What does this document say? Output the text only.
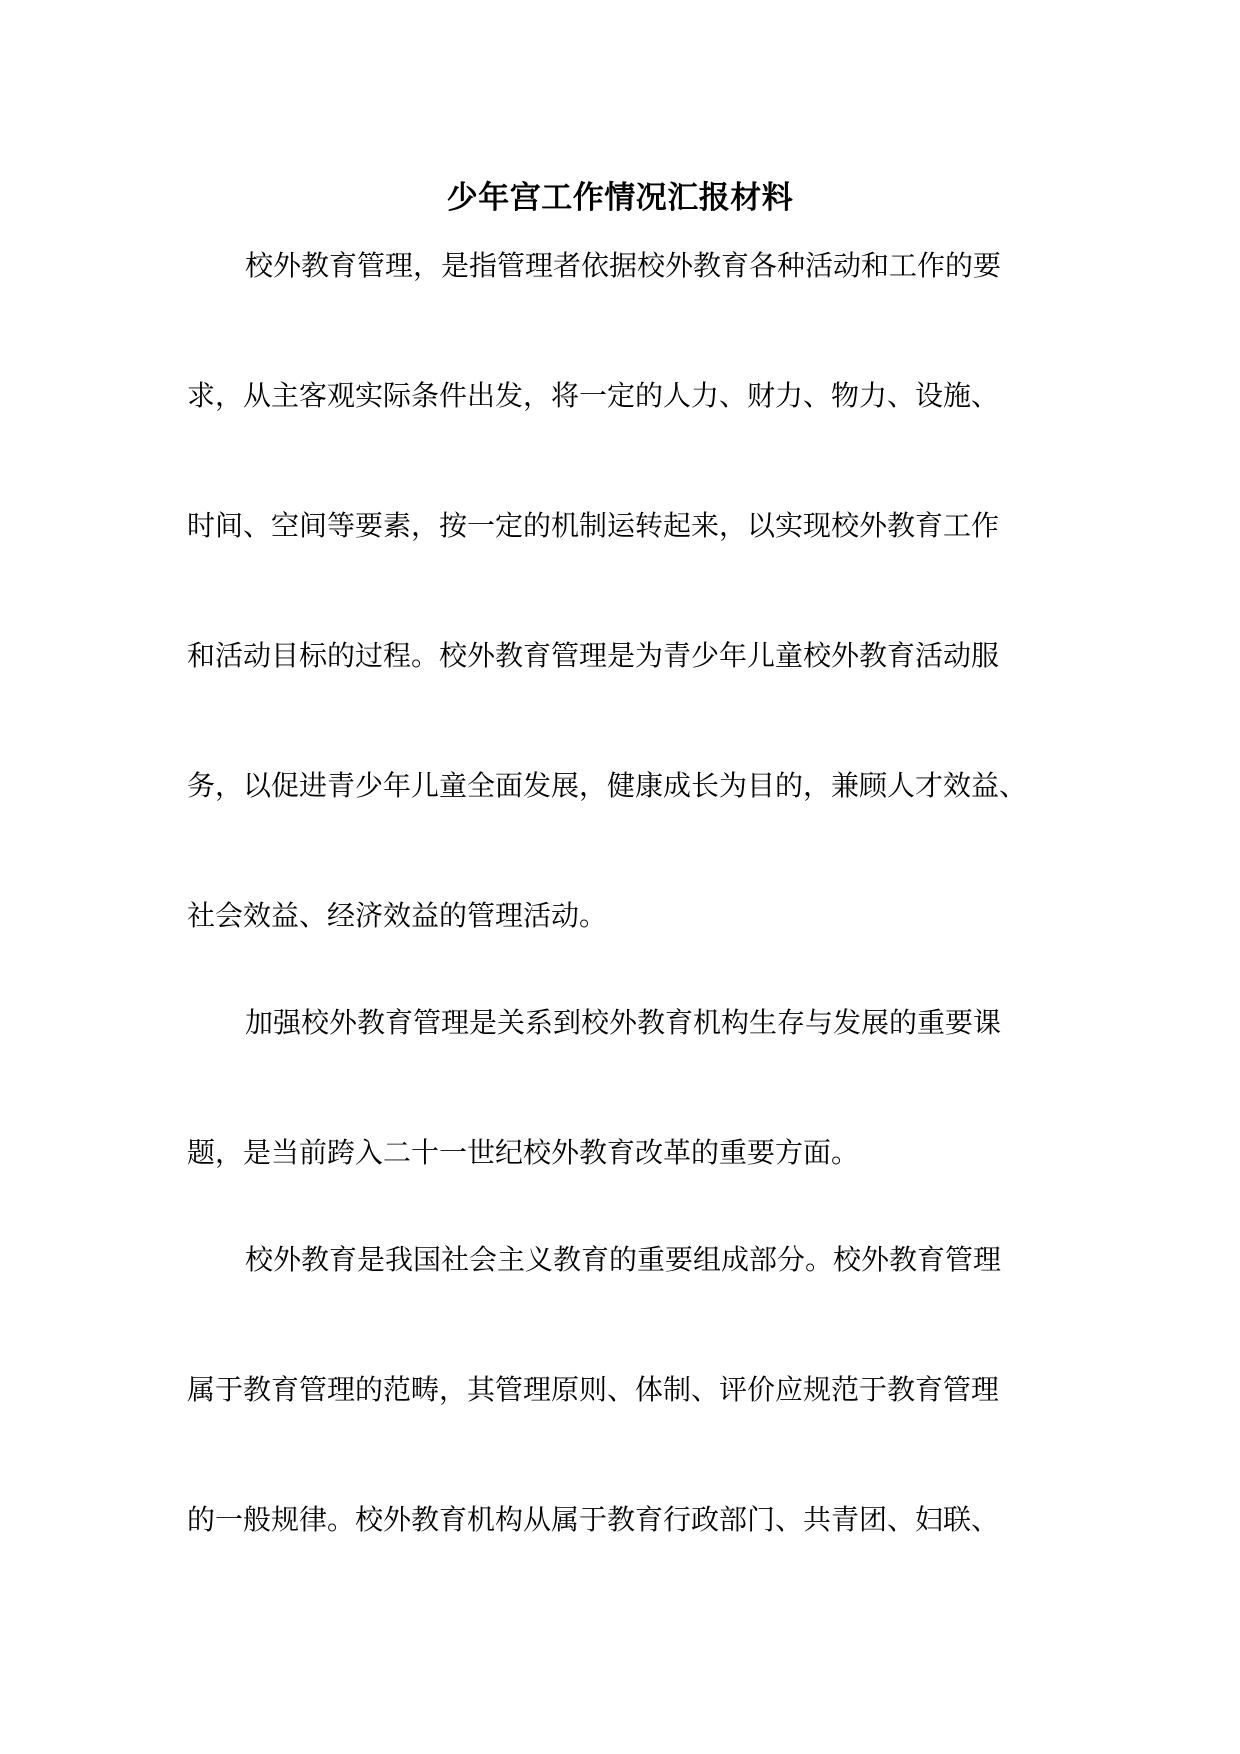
少年宫工作情况汇报材料

校外教育管理，是指管理者依据校外教育各种活动和工作的要

求，从主客观实际条件出发，将一定的人力、财力、物力、设施、

时间、空间等要素，按一定的机制运转起来，以实现校外教育工作

和活动目标的过程。校外教育管理是为青少年儿童校外教育活动服

务，以促进青少年儿童全面发展，健康成长为目的，兼顾人才效益、

社会效益、经济效益的管理活动。

加强校外教育管理是关系到校外教育机构生存与发展的重要课

题，是当前跨入二十一世纪校外教育改革的重要方面。

校外教育是我国社会主义教育的重要组成部分。校外教育管理

属于教育管理的范畴，其管理原则、体制、评价应规范于教育管理

的一般规律。校外教育机构从属于教育行政部门、共青团、妇联、
